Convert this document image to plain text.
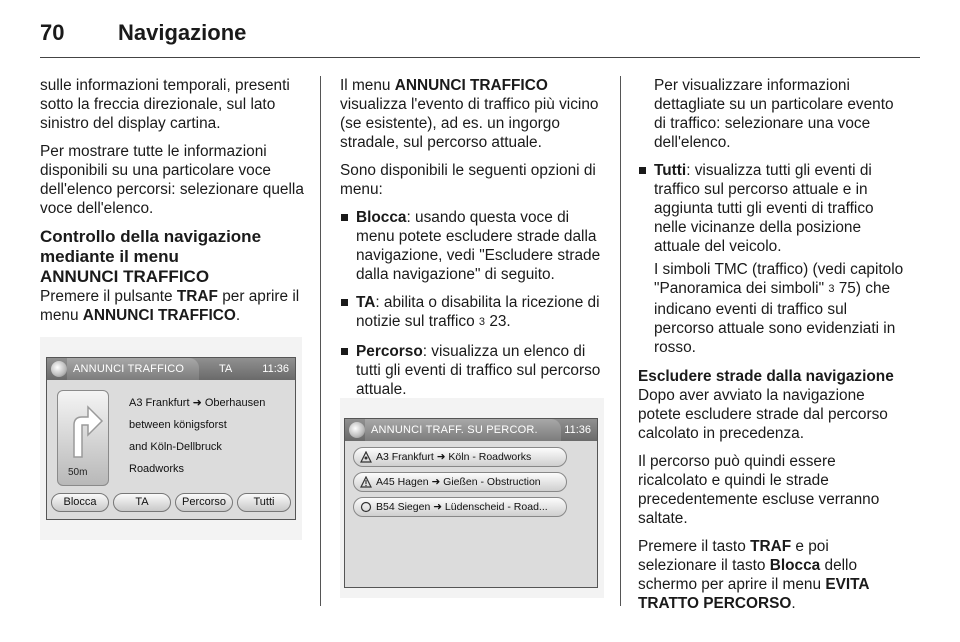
70 Navigazione

sulle informazioni temporali, presenti sotto la freccia direzionale, sul lato sinistro del display cartina.

Per mostrare tutte le informazioni disponibili su una particolare voce dell'elenco percorsi: selezionare quella voce dell'elenco.

Controllo della navigazione
mediante il menu
ANNUNCI TRAFFICO

Premere il pulsante TRAF per aprire il menu ANNUNCI TRAFFICO.

ANNUNCI TRAFFICO	TA	11:36
50m
A3 Frankfurt ➜ Oberhausen
between königsforst
and Köln-Dellbruck
Roadworks
Blocca	TA	Percorso	Tutti

Il menu ANNUNCI TRAFFICO visualizza l'evento di traffico più vicino (se esistente), ad es. un ingorgo stradale, sul percorso attuale.

Sono disponibili le seguenti opzioni di menu:

Blocca: usando questa voce di menu potete escludere strade dalla navigazione, vedi "Escludere strade dalla navigazione" di seguito.
TA: abilita o disabilita la ricezione di notizie sul traffico 3 23.
Percorso: visualizza un elenco di tutti gli eventi di traffico sul percorso attuale.
ANNUNCI TRAFF. SU PERCOR. 11:36
A3 Frankfurt ➜ Köln - Roadworks
A45 Hagen ➜ Gießen - Obstruction
B54 Siegen ➜ Lüdenscheid - Road...
Per visualizzare informazioni dettagliate su un particolare evento di traffico: selezionare una voce dell'elenco.
Tutti: visualizza tutti gli eventi di traffico sul percorso attuale e in aggiunta tutti gli eventi di traffico nelle vicinanze della posizione attuale del veicolo.
I simboli TMC (traffico) (vedi capitolo "Panoramica dei simboli" 3 75) che indicano eventi di traffico sul percorso attuale sono evidenziati in rosso.
Escludere strade dalla navigazione

Dopo aver avviato la navigazione potete escludere strade dal percorso calcolato in precedenza.

Il percorso può quindi essere ricalcolato e quindi le strade precedentemente escluse verranno saltate.

Premere il tasto TRAF e poi selezionare il tasto Blocca dello schermo per aprire il menu EVITA TRATTO PERCORSO.
